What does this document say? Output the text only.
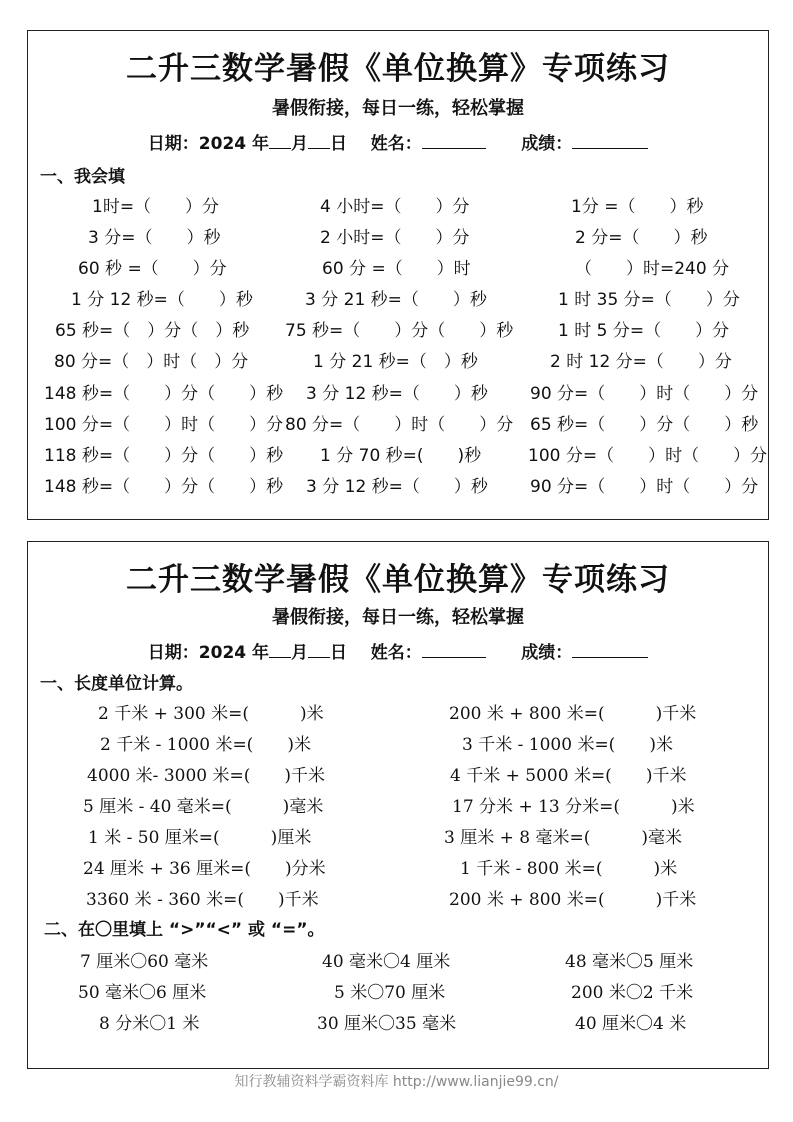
二升三数学暑假《单位换算》专项练习
暑假衔接，每日一练，轻松掌握
日期：2024 年 月 日 姓名：	成绩：
一、我会填
1时=（　　）分	4 小时=（　　）分	1分 =（　　）秒
3 分=（　　）秒	2 小时=（　　）分	2 分=（　　）秒
60 秒 =（　　）分	60 分 =（　　）时	（　　）时=240 分
1 分 12 秒=（　　）秒	3 分 21 秒=（　　）秒	1 时 35 分=（　　）分
65 秒=（　）分（　）秒 75 秒=（　　）分（　　）秒	1 时 5 分=（　　）分
80 分=（　）时（　）分	1 分 21 秒=（　）秒	2 时 12 分=（　　）分
148 秒=（　　）分（　　）秒 3 分 12 秒=（　　）秒 90 分=（　　）时（　　）分
100 分=（　　）时（　　）分 80 分=（　　）时（　　）分 65 秒=（　　）分（　　）秒
118 秒=（　　）分（　　）秒 1 分 70 秒=(　　)秒	100 分=（　　）时（　　）分
148 秒=（　　）分（　　）秒 3 分 12 秒=（　　）秒 90 分=（　　）时（　　）分
二升三数学暑假《单位换算》专项练习
暑假衔接，每日一练，轻松掌握
日期：2024 年 月 日 姓名：	成绩：
一、长度单位计算。
2 千米 + 300 米=(　　　)米	200 米 + 800 米=(　　　)千米
2 千米 - 1000 米=(　　)米	3 千米 - 1000 米=(　　)米
4000 米- 3000 米=(　　)千米	4 千米 + 5000 米=(　　)千米
5 厘米 - 40 毫米=(　　　)毫米	17 分米 + 13 分米=(　　　)米
1 米 - 50 厘米=(　　　)厘米	3 厘米 + 8 毫米=(　　　)毫米
24 厘米 + 36 厘米=(　　)分米	1 千米 - 800 米=(　　　)米
3360 米 - 360 米=(　　)千米	200 米 + 800 米=(　　　)千米
二、在〇里填上 “>”“<” 或 “=”。
7 厘米〇60 毫米	40 毫米〇4 厘米	48 毫米〇5 厘米
50 毫米〇6 厘米	5 米〇70 厘米	200 米〇2 千米
8 分米〇1 米	30 厘米〇35 毫米	40 厘米〇4 米
知行教辅资料学霸资料库 http://www.lianjie99.cn/
